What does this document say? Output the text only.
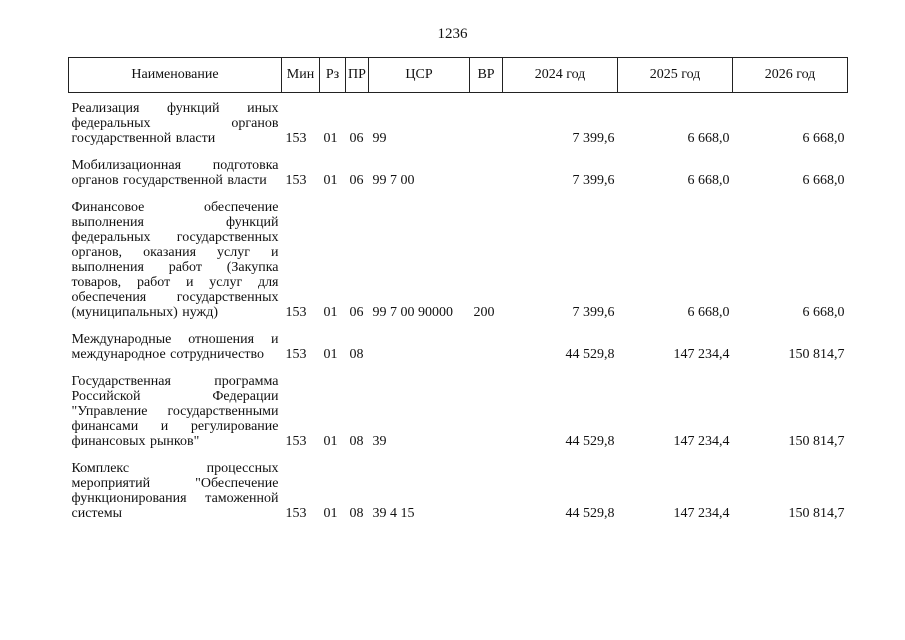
1236
Наименование	Мин	Рз	ПР	ЦСР	ВР	2024 год	2025 год	2026 год
Реализация функций иных федеральных органов государственной власти	153	01	06	99		7 399,6	6 668,0	6 668,0
Мобилизационная подготовка органов государственной власти	153	01	06	99 7 00		7 399,6	6 668,0	6 668,0
Финансовое обеспечение выполнения функций федеральных государственных органов, оказания услуг и выполнения работ (Закупка товаров, работ и услуг для обеспечения государственных (муниципальных) нужд)	153	01	06	99 7 00 90000	200	7 399,6	6 668,0	6 668,0
Международные отношения и международное сотрудничество	153	01	08			44 529,8	147 234,4	150 814,7
Государственная программа Российской Федерации "Управление государственными финансами и регулирование финансовых рынков"	153	01	08	39		44 529,8	147 234,4	150 814,7
Комплекс процессных мероприятий "Обеспечение функционирования таможенной системы	153	01	08	39 4 15		44 529,8	147 234,4	150 814,7
